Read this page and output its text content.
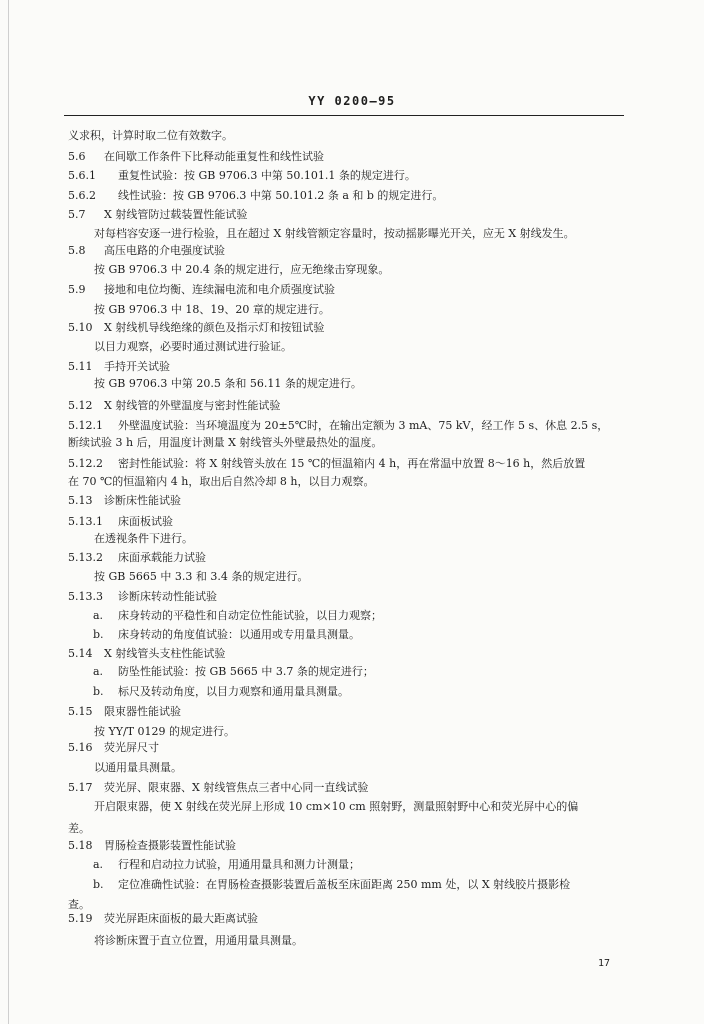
YY 0200—95
义求积，计算时取二位有效数字。
5.6 在间歇工作条件下比释动能重复性和线性试验
5.6.1 重复性试验：按 GB 9706.3 中第 50.101.1 条的规定进行。
5.6.2 线性试验：按 GB 9706.3 中第 50.101.2 条 a 和 b 的规定进行。
5.7 X 射线管防过载装置性能试验
对每档容安逐一进行检验，且在超过 X 射线管额定容量时，按动摇影曝光开关，应无 X 射线发生。
5.8 高压电路的介电强度试验
按 GB 9706.3 中 20.4 条的规定进行，应无绝缘击穿现象。
5.9 接地和电位均衡、连续漏电流和电介质强度试验
按 GB 9706.3 中 18、19、20 章的规定进行。
5.10 X 射线机导线绝缘的颜色及指示灯和按钮试验
以目力观察，必要时通过测试进行验证。
5.11 手持开关试验
按 GB 9706.3 中第 20.5 条和 56.11 条的规定进行。
5.12 X 射线管的外壁温度与密封性能试验
5.12.1 外壁温度试验：当环境温度为 20±5℃时，在输出定额为 3 mA、75 kV，经工作 5 s、休息 2.5 s，
断续试验 3 h 后，用温度计测量 X 射线管头外壁最热处的温度。
5.12.2 密封性能试验：将 X 射线管头放在 15 ℃的恒温箱内 4 h，再在常温中放置 8～16 h，然后放置
在 70 ℃的恒温箱内 4 h，取出后自然冷却 8 h，以目力观察。
5.13 诊断床性能试验
5.13.1 床面板试验
在透视条件下进行。
5.13.2 床面承载能力试验
按 GB 5665 中 3.3 和 3.4 条的规定进行。
5.13.3 诊断床转动性能试验
a. 床身转动的平稳性和自动定位性能试验，以目力观察；
b. 床身转动的角度值试验：以通用或专用量具测量。
5.14 X 射线管头支柱性能试验
a. 防坠性能试验：按 GB 5665 中 3.7 条的规定进行；
b. 标尺及转动角度，以目力观察和通用量具测量。
5.15 限束器性能试验
按 YY/T 0129 的规定进行。
5.16 荧光屏尺寸
以通用量具测量。
5.17 荧光屏、限束器、X 射线管焦点三者中心同一直线试验
开启限束器，使 X 射线在荧光屏上形成 10 cm×10 cm 照射野，测量照射野中心和荧光屏中心的偏
差。
5.18 胃肠检查摄影装置性能试验
a. 行程和启动拉力试验，用通用量具和测力计测量；
b. 定位准确性试验：在胃肠检查摄影装置后盖板至床面距离 250 mm 处，以 X 射线胶片摄影检
查。
5.19 荧光屏距床面板的最大距离试验
将诊断床置于直立位置，用通用量具测量。
17
